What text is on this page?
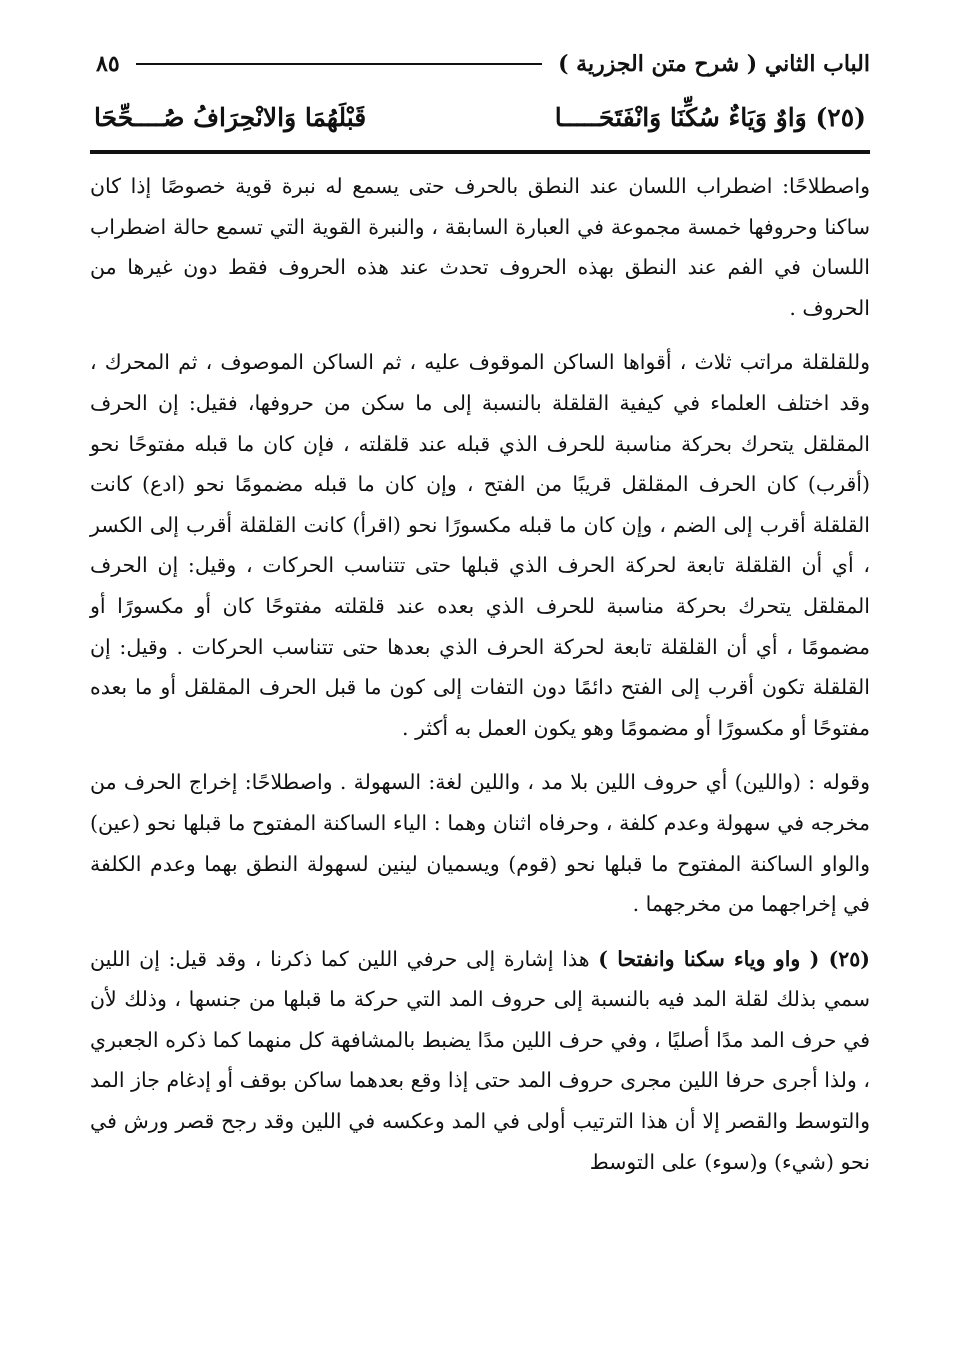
الباب الثاني ( شرح متن الجزرية )
٨٥
(٢٥) وَاوٌ وَيَاءٌ سُكِّنَا وَانْفَتَحَـــــا
قَبْلَهُمَا وَالانْحِرَافُ صُــــحِّحَا

واصطلاحًا: اضطراب اللسان عند النطق بالحرف حتى يسمع له نبرة قوية خصوصًا إذا كان ساكنا وحروفها خمسة مجموعة في العبارة السابقة ، والنبرة القوية التي تسمع حالة اضطراب اللسان في الفم عند النطق بهذه الحروف تحدث عند هذه الحروف فقط دون غيرها من الحروف .

وللقلقلة مراتب ثلاث ، أقواها الساكن الموقوف عليه ، ثم الساكن الموصوف ، ثم المحرك ، وقد اختلف العلماء في كيفية القلقلة بالنسبة إلى ما سكن من حروفها، فقيل: إن الحرف المقلقل يتحرك بحركة مناسبة للحرف الذي قبله عند قلقلته ، فإن كان ما قبله مفتوحًا نحو (أقرب) كان الحرف المقلقل قريبًا من الفتح ، وإن كان ما قبله مضمومًا نحو (ادع) كانت القلقلة أقرب إلى الضم ، وإن كان ما قبله مكسورًا نحو (اقرأ) كانت القلقلة أقرب إلى الكسر ، أي أن القلقلة تابعة لحركة الحرف الذي قبلها حتى تتناسب الحركات ، وقيل: إن الحرف المقلقل يتحرك بحركة مناسبة للحرف الذي بعده عند قلقلته مفتوحًا كان أو مكسورًا أو مضمومًا ، أي أن القلقلة تابعة لحركة الحرف الذي بعدها حتى تتناسب الحركات . وقيل: إن القلقلة تكون أقرب إلى الفتح دائمًا دون التفات إلى كون ما قبل الحرف المقلقل أو ما بعده مفتوحًا أو مكسورًا أو مضمومًا وهو يكون العمل به أكثر .

وقوله : (واللين) أي حروف اللين بلا مد ، واللين لغة: السهولة . واصطلاحًا: إخراج الحرف من مخرجه في سهولة وعدم كلفة ، وحرفاه اثنان وهما : الياء الساكنة المفتوح ما قبلها نحو (عين) والواو الساكنة المفتوح ما قبلها نحو (قوم) ويسميان لينين لسهولة النطق بهما وعدم الكلفة في إخراجهما من مخرجهما .

(٢٥) ( واو وياء سكنا وانفتحا ) هذا إشارة إلى حرفي اللين كما ذكرنا ، وقد قيل: إن اللين سمي بذلك لقلة المد فيه بالنسبة إلى حروف المد التي حركة ما قبلها من جنسها ، وذلك لأن في حرف المد مدًا أصليًا ، وفي حرف اللين مدًا يضبط بالمشافهة كل منهما كما ذكره الجعبري ، ولذا أجرى حرفا اللين مجرى حروف المد حتى إذا وقع بعدهما ساكن بوقف أو إدغام جاز المد والتوسط والقصر إلا أن هذا الترتيب أولى في المد وعكسه في اللين وقد رجح قصر ورش في نحو (شيء) و(سوء) على التوسط
